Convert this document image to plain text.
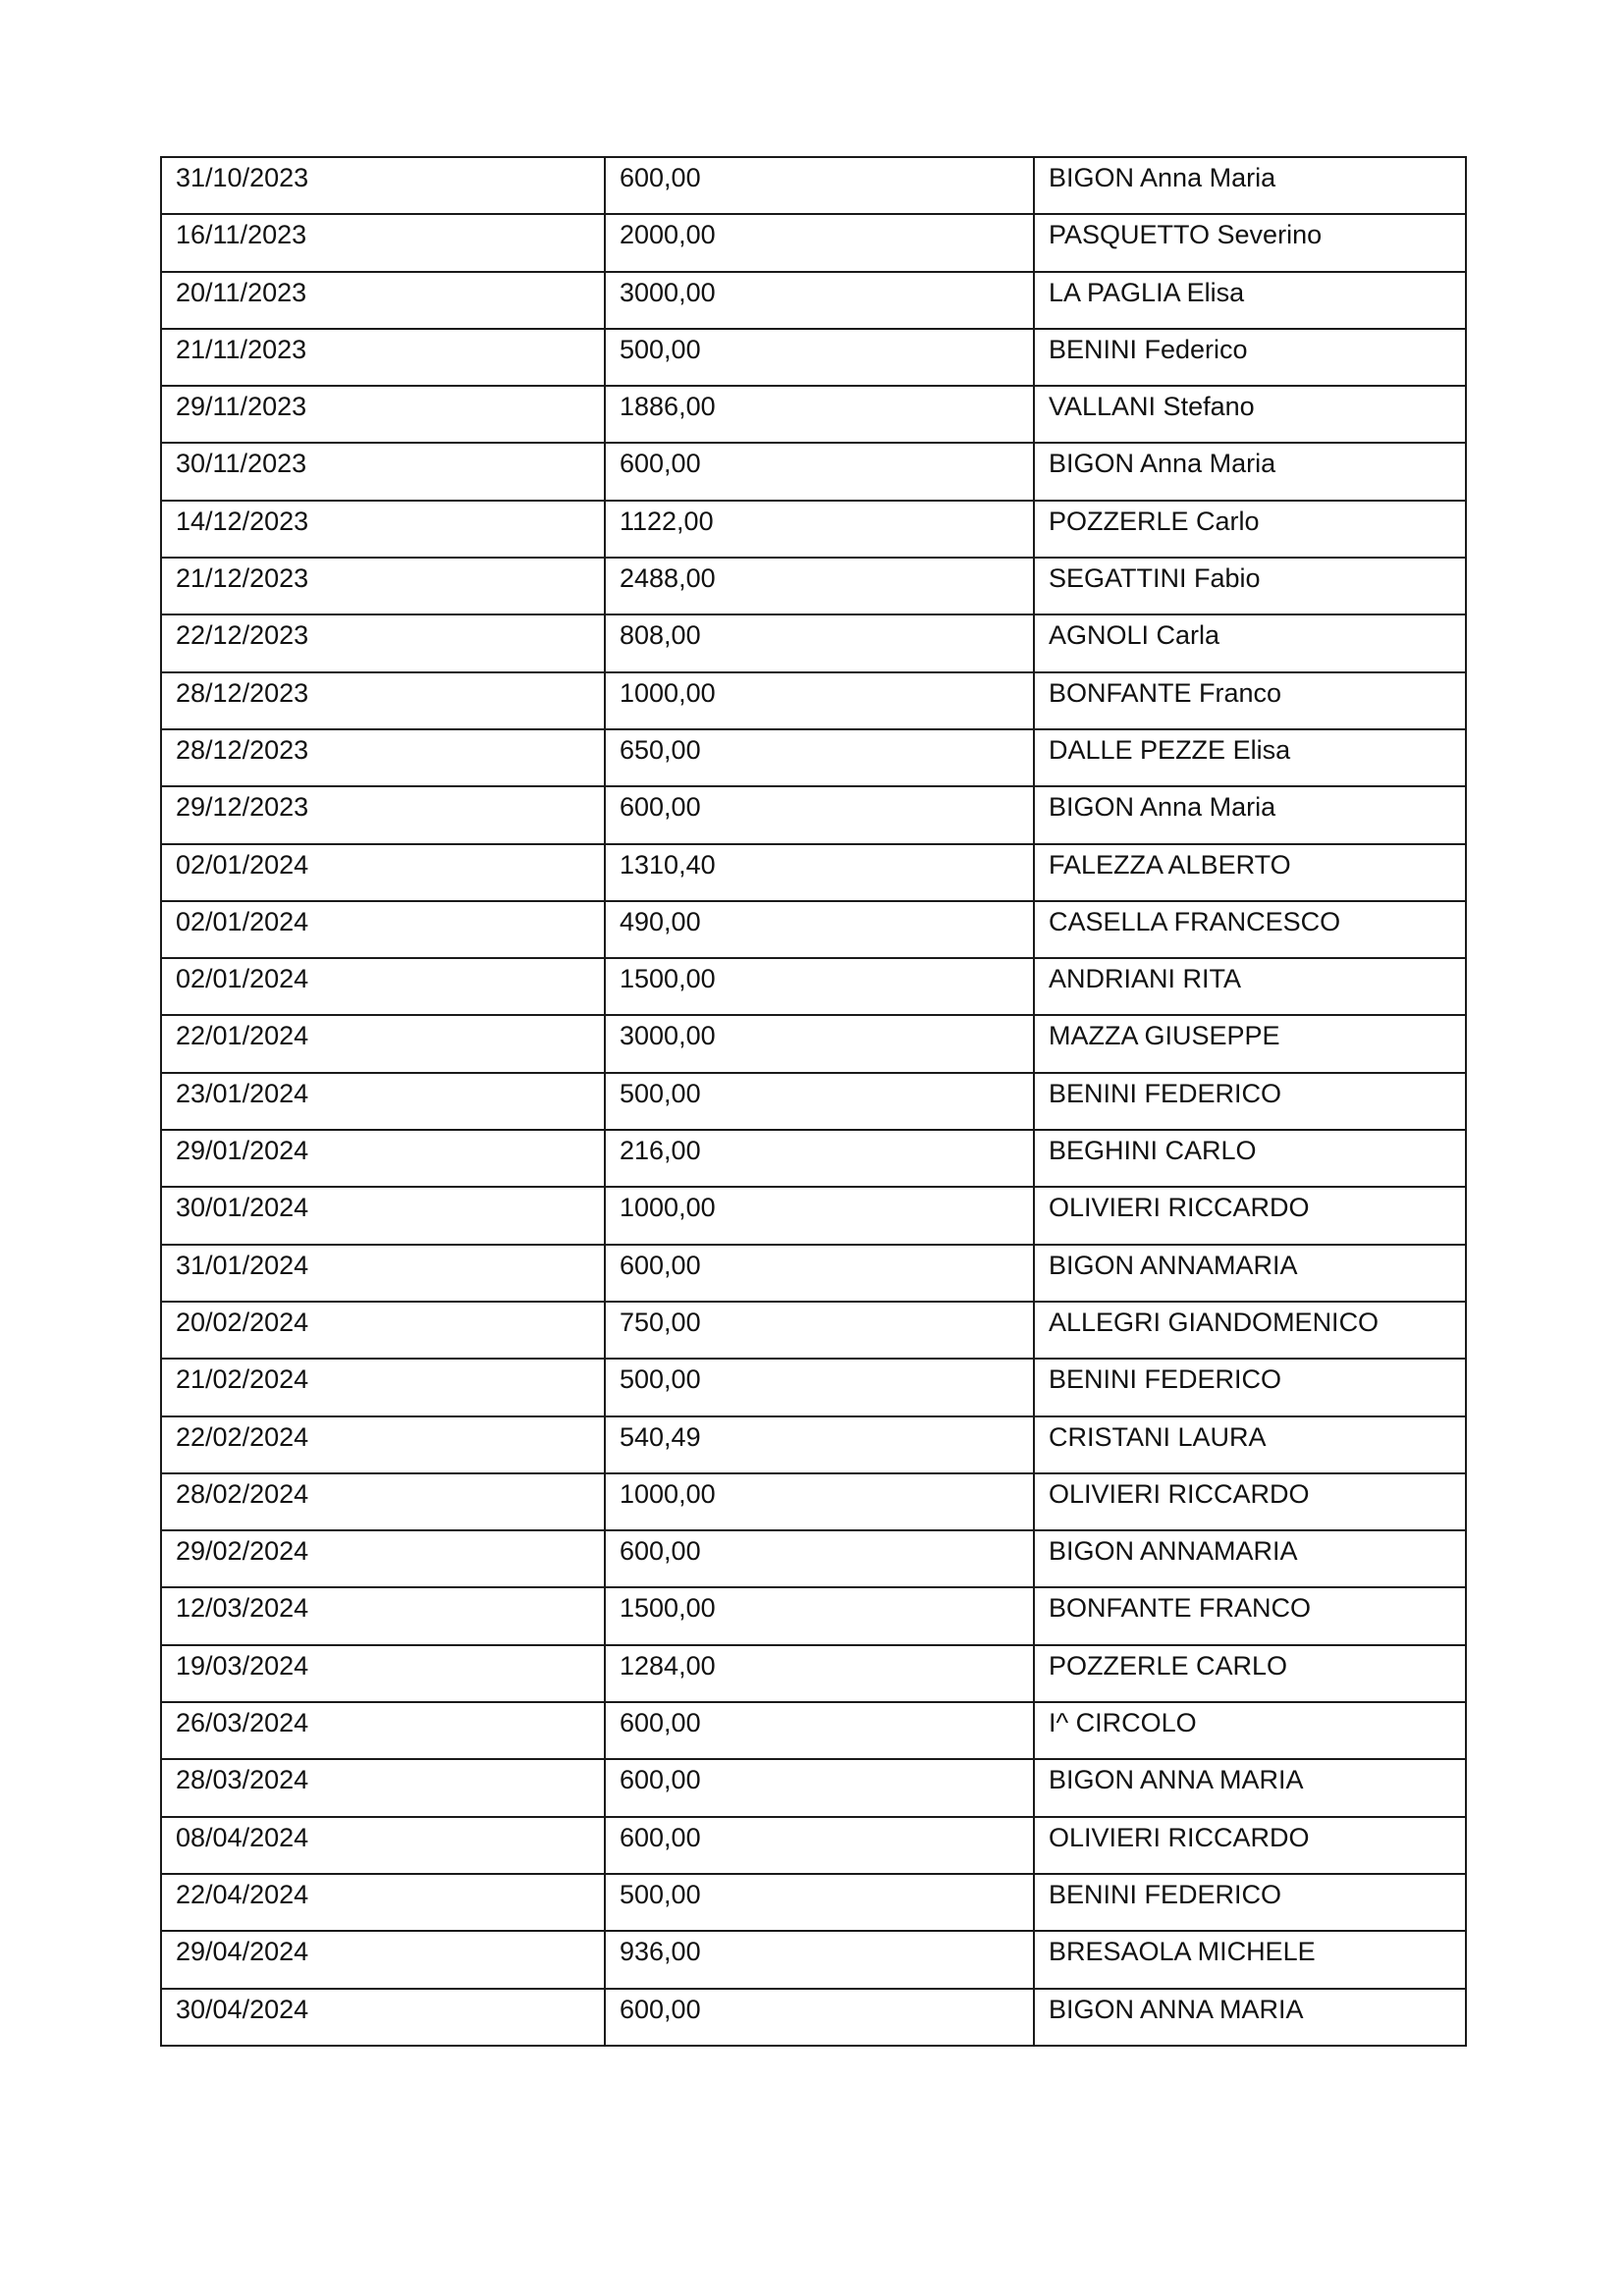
31/10/2023	600,00	BIGON Anna Maria
16/11/2023	2000,00	PASQUETTO Severino
20/11/2023	3000,00	LA PAGLIA Elisa
21/11/2023	500,00	BENINI Federico
29/11/2023	1886,00	VALLANI Stefano
30/11/2023	600,00	BIGON Anna Maria
14/12/2023	1122,00	POZZERLE Carlo
21/12/2023	2488,00	SEGATTINI Fabio
22/12/2023	808,00	AGNOLI Carla
28/12/2023	1000,00	BONFANTE Franco
28/12/2023	650,00	DALLE PEZZE Elisa
29/12/2023	600,00	BIGON Anna Maria
02/01/2024	1310,40	FALEZZA ALBERTO
02/01/2024	490,00	CASELLA FRANCESCO
02/01/2024	1500,00	ANDRIANI RITA
22/01/2024	3000,00	MAZZA GIUSEPPE
23/01/2024	500,00	BENINI FEDERICO
29/01/2024	216,00	BEGHINI CARLO
30/01/2024	1000,00	OLIVIERI RICCARDO
31/01/2024	600,00	BIGON ANNAMARIA
20/02/2024	750,00	ALLEGRI GIANDOMENICO
21/02/2024	500,00	BENINI FEDERICO
22/02/2024	540,49	CRISTANI LAURA
28/02/2024	1000,00	OLIVIERI RICCARDO
29/02/2024	600,00	BIGON ANNAMARIA
12/03/2024	1500,00	BONFANTE FRANCO
19/03/2024	1284,00	POZZERLE CARLO
26/03/2024	600,00	I^ CIRCOLO
28/03/2024	600,00	BIGON ANNA MARIA
08/04/2024	600,00	OLIVIERI RICCARDO
22/04/2024	500,00	BENINI FEDERICO
29/04/2024	936,00	BRESAOLA MICHELE
30/04/2024	600,00	BIGON ANNA MARIA
